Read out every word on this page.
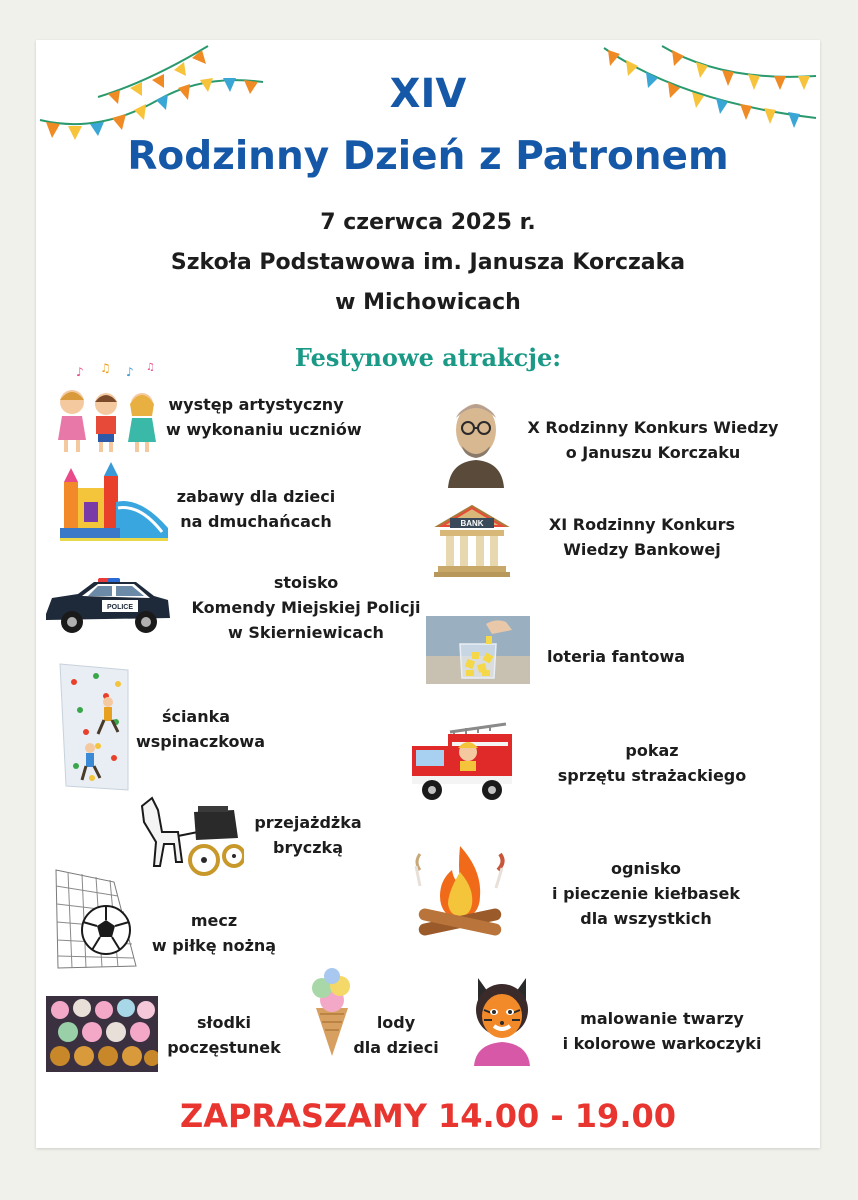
XIV
Rodzinny Dzień z Patronem
7 czerwca 2025 r.
Szkoła Podstawowa im. Janusza Korczaka
w Michowicach
Festynowe atrakcje:
♪ ♫ ♪ ♫
występ artystyczny
w wykonaniu uczniów
zabawy dla dzieci
na dmuchańcach
POLICE
stoisko
Komendy Miejskiej Policji
w Skierniewicach
ścianka
wspinaczkowa
przejażdżka
bryczką
mecz
w piłkę nożną
słodki
poczęstunek
lody
dla dzieci
X Rodzinny Konkurs Wiedzy
o Januszu Korczaku
BANK	XI Rodzinny Konkurs
Wiedzy Bankowej
loteria fantowa
pokaz
sprzętu strażackiego
ognisko
i pieczenie kiełbasek
dla wszystkich
malowanie twarzy
i kolorowe warkoczyki
ZAPRASZAMY 14.00 - 19.00
